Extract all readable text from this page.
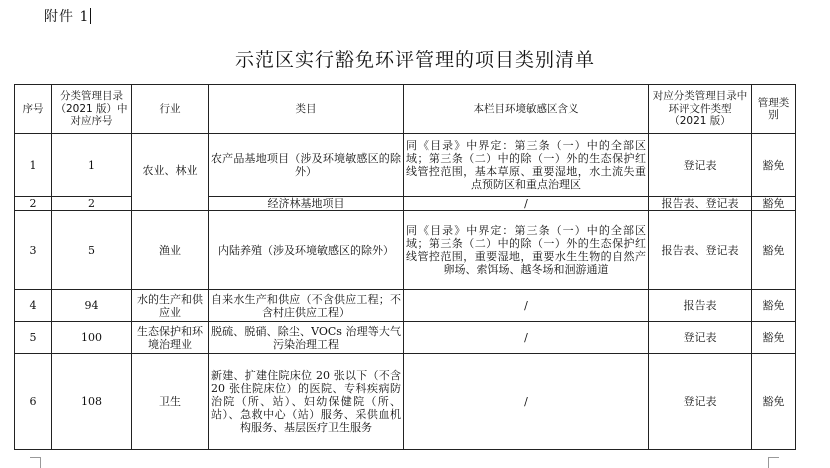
附件 1
示范区实行豁免环评管理的项目类别清单
序号	分类管理目录（2021 版）中对应序号	行业	类目	本栏目环境敏感区含义	对应分类管理目录中环评文件类型（2021 版）	管理类别
1	1	农业、林业	农产品基地项目（涉及环境敏感区的除外）	同《目录》中界定：第三条（一）中的全部区域；第三条（二）中的除（一）外的生态保护红线管控范围，基本草原、重要湿地，水土流失重点预防区和重点治理区	登记表	豁免
2	2		经济林基地项目	/	报告表、登记表	豁免
3	5	渔业	内陆养殖（涉及环境敏感区的除外）	同《目录》中界定：第三条（一）中的全部区域；第三条（二）中的除（一）外的生态保护红线管控范围，重要湿地，重要水生生物的自然产卵场、索饵场、越冬场和洄游通道	报告表、登记表	豁免
4	94	水的生产和供应业	自来水生产和供应（不含供应工程；不含村庄供应工程）	/	报告表	豁免
5	100	生态保护和环境治理业	脱硫、脱硝、除尘、VOCs 治理等大气污染治理工程	/	登记表	豁免
6	108	卫生	新建、扩建住院床位 20 张以下（不含 20 张住院床位）的医院、专科疾病防治院（所、站）、妇幼保健院（所、站）、急救中心（站）服务、采供血机构服务、基层医疗卫生服务	/	登记表	豁免
